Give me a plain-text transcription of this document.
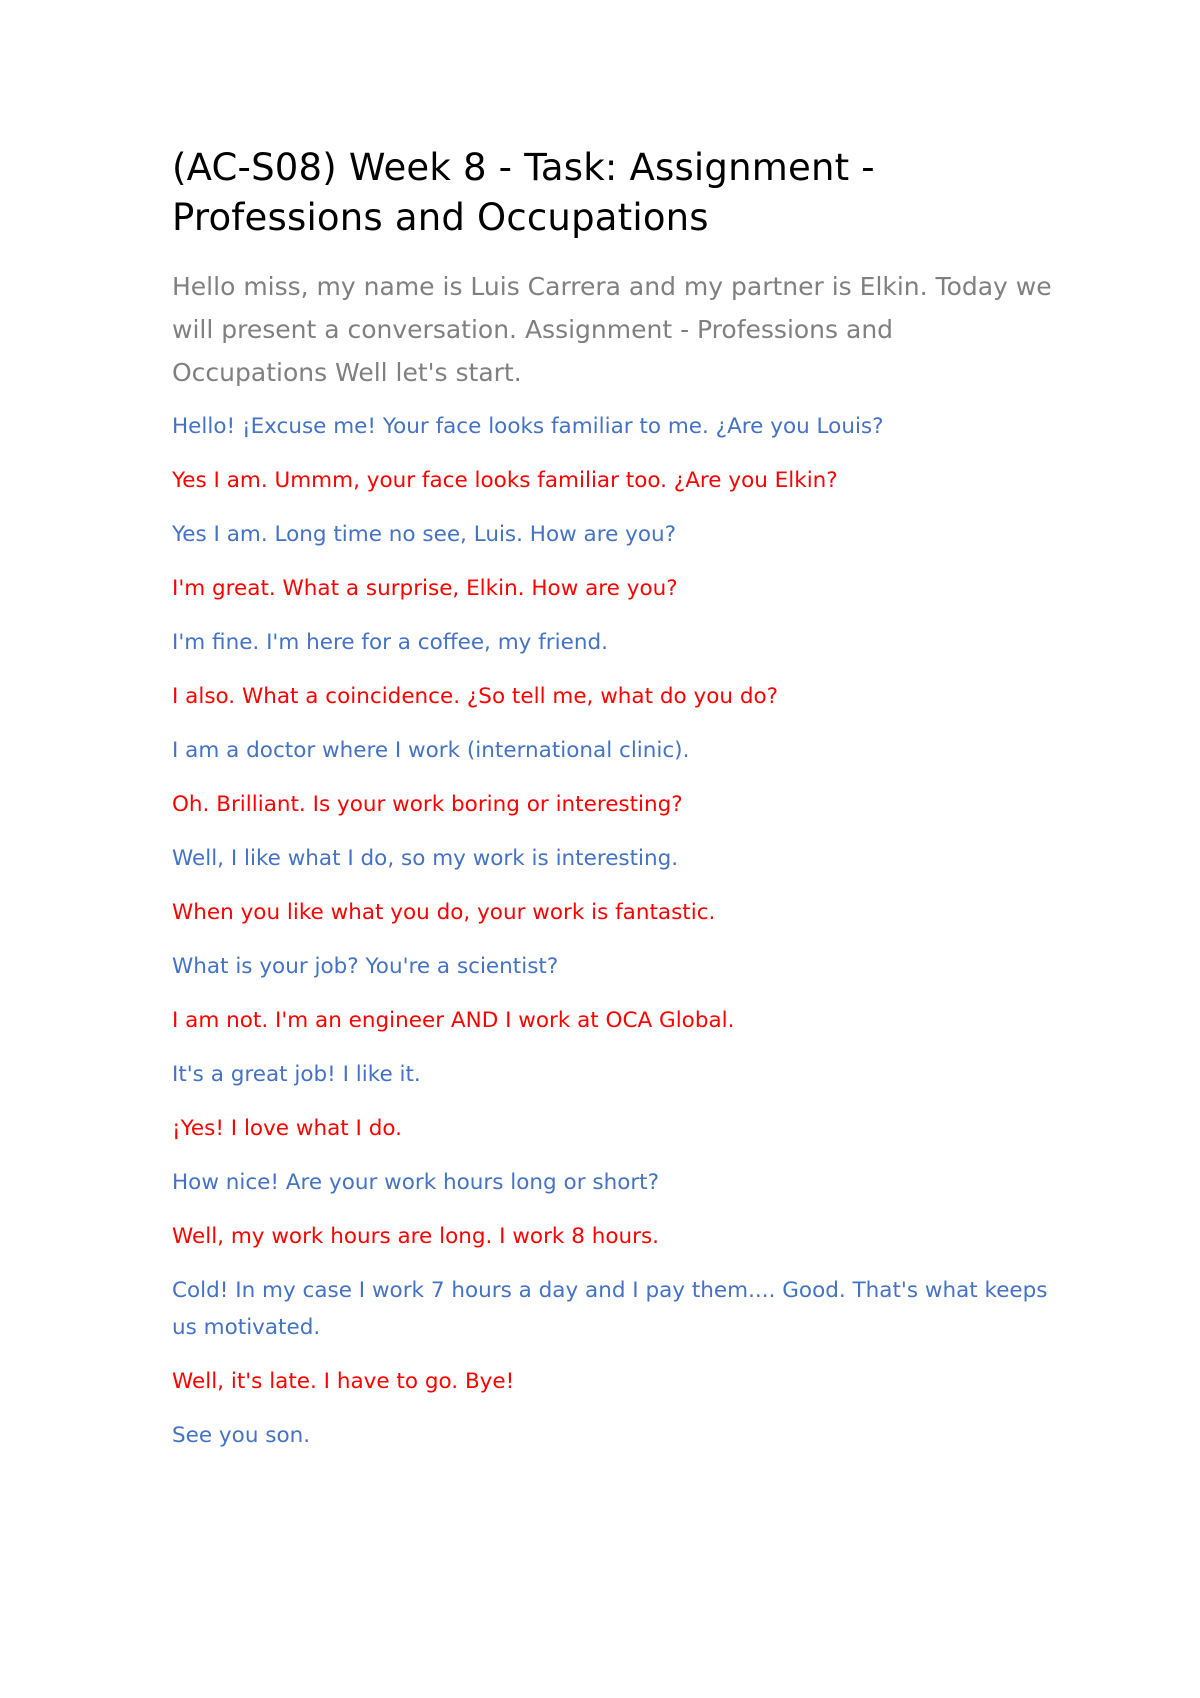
(AC-S08) Week 8 - Task: Assignment - Professions and Occupations

Hello miss, my name is Luis Carrera and my partner is Elkin. Today we will present a conversation. Assignment - Professions and Occupations Well let's start.

Hello! ¡Excuse me! Your face looks familiar to me. ¿Are you Louis?
Yes I am. Ummm, your face looks familiar too. ¿Are you Elkin?
Yes I am. Long time no see, Luis. How are you?
I'm great. What a surprise, Elkin. How are you?
I'm fine. I'm here for a coffee, my friend.
I also. What a coincidence. ¿So tell me, what do you do?
I am a doctor where I work (international clinic).
Oh. Brilliant. Is your work boring or interesting?
Well, I like what I do, so my work is interesting.
When you like what you do, your work is fantastic.
What is your job? You're a scientist?
I am not. I'm an engineer AND I work at OCA Global.
It's a great job! I like it.
¡Yes! I love what I do.
How nice! Are your work hours long or short?
Well, my work hours are long. I work 8 hours.
Cold! In my case I work 7 hours a day and I pay them.... Good. That's what keeps us motivated.
Well, it's late. I have to go. Bye!
See you son.
